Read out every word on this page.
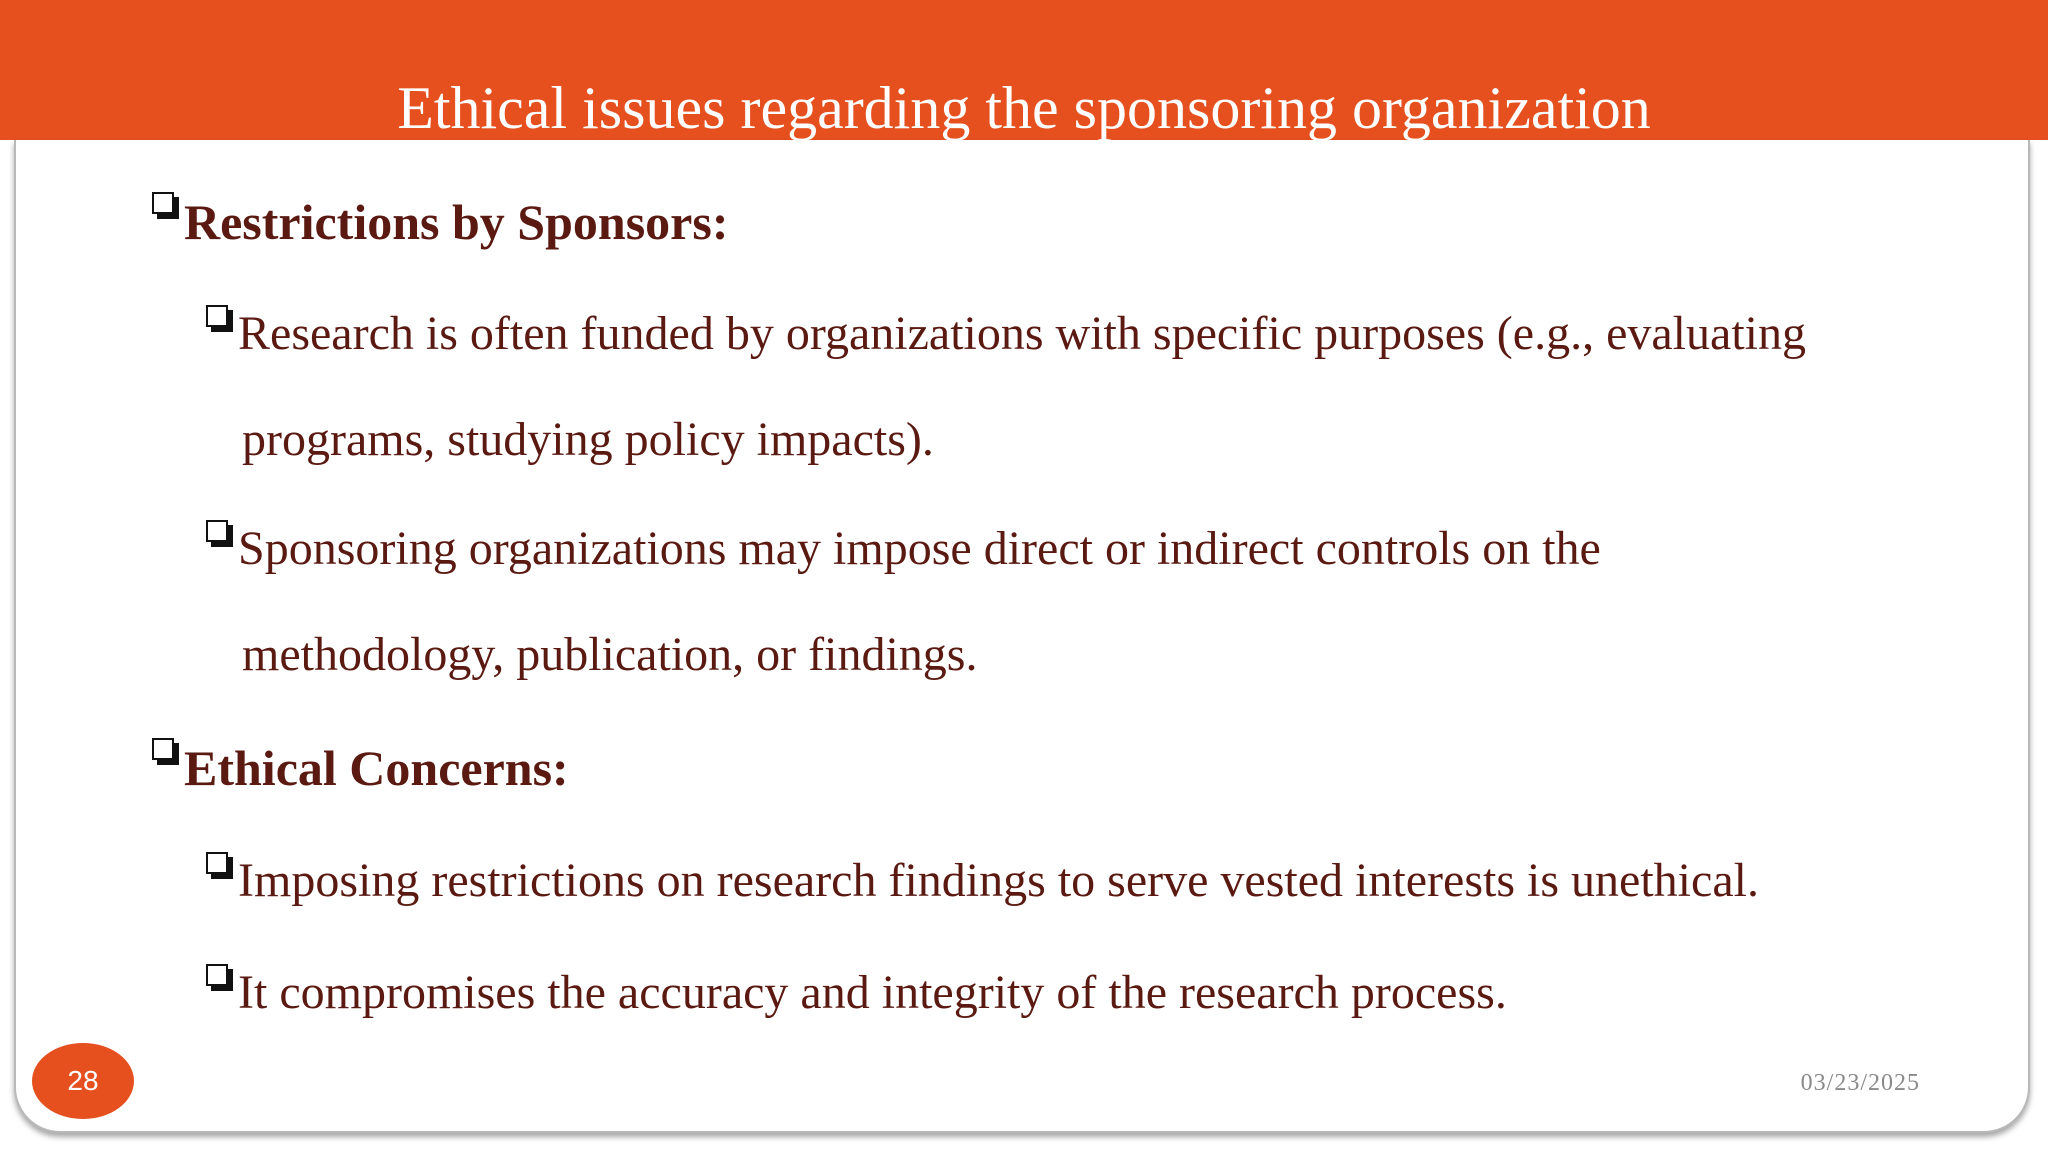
Ethical issues regarding the sponsoring organization
Restrictions by Sponsors:
Research is often funded by organizations with specific purposes (e.g., evaluating
programs, studying policy impacts).
Sponsoring organizations may impose direct or indirect controls on the
methodology, publication, or findings.
Ethical Concerns:
Imposing restrictions on research findings to serve vested interests is unethical.
It compromises the accuracy and integrity of the research process.
28	03/23/2025
